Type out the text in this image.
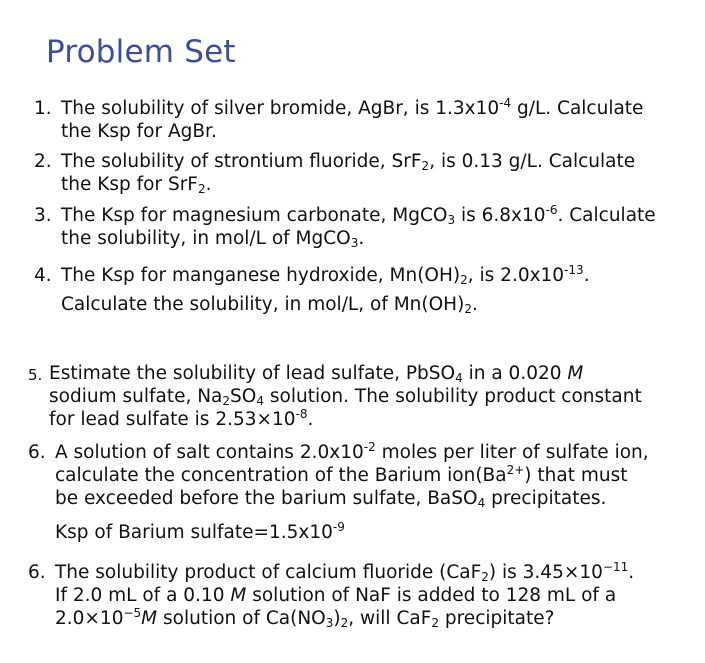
Problem Set
1. The solubility of silver bromide, AgBr, is $1.3x10^{-4}$ g/L. Calculate
the Ksp for AgBr.
2. The solubility of strontium fluoride, SrF$_2$, is 0.13 g/L. Calculate
the Ksp for SrF$_2$.
3. The Ksp for magnesium carbonate, MgCO$_3$ is $6.8x10^{-6}$. Calculate
the solubility, in mol/L of MgCO$_3$.
4. The Ksp for manganese hydroxide, $Mn(OH)_2$, is $2.0x10^{-13}$.
Calculate the solubility, in mol/L, of $Mn(OH)_2$.
5. Estimate the solubility of lead sulfate, PbSO$_4$ in a 0.020 M
sodium sulfate, $Na_2SO_4$ solution. The solubility product constant
for lead sulfate is $2.53\times 10^{-8}$.
6. A solution of salt contains $2.0x10^{-2}$ moles per liter of sulfate ion,
calculate the concentration of the Barium $ion(Ba^{2+})$ that must
be exceeded before the barium sulfate, BaSO$_4$ precipitates.
Ksp of Barium $sulfate=1.5x10^{-9}$
6. The solubility product of calcium fluoride (CaF$_2$) is $3.45\times 10^{-11}$.
If 2.0 mL of a 0.10 M solution of NaF is added to 128 mL of a
$2.0\times 10^{-5}M$ solution of $Ca(NO_3)_2$, will CaF$_2$ precipitate?
